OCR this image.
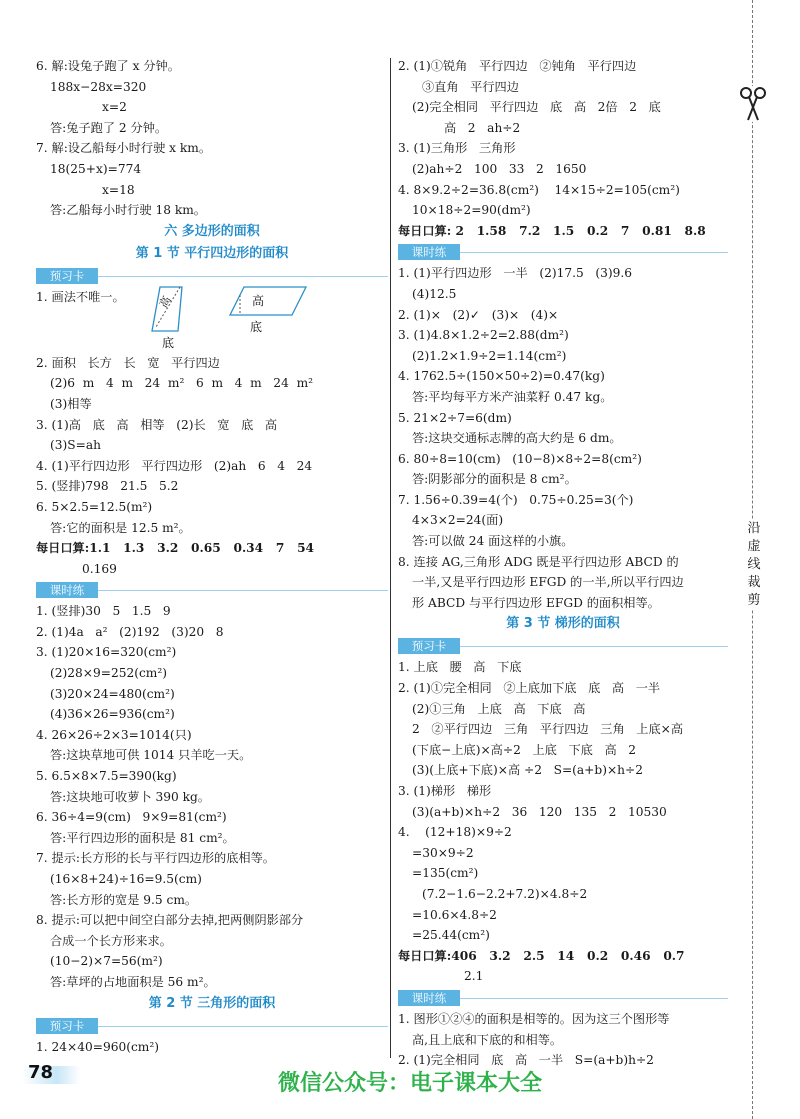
6. 解:设兔子跑了 x 分钟。
188x−28x=320
x=2
答:兔子跑了 2 分钟。
7. 解:设乙船每小时行驶 x km。
18(25+x)=774
x=18
答:乙船每小时行驶 18 km。
六 多边形的面积
第 1 节 平行四边形的面积
预习卡
1. 画法不唯一。	高
底
高
底
2. 面积   长方   长   宽   平行四边
(2)6  m   4  m   24  m²   6  m   4  m   24  m²
(3)相等
3. (1)高   底   高   相等   (2)长   宽   底   高
(3)S=ah
4. (1)平行四边形   平行四边形   (2)ah   6   4   24
5. (竖排)798   21.5   5.2
6. 5×2.5=12.5(m²)
答:它的面积是 12.5 m²。
每日口算:1.1   1.3   3.2   0.65   0.34   7   54
0.169
课时练
1. (竖排)30   5   1.5   9
2. (1)4a   a²   (2)192   (3)20   8
3. (1)20×16=320(cm²)
(2)28×9=252(cm²)
(3)20×24=480(cm²)
(4)36×26=936(cm²)
4. 26×26÷2×3=1014(只)
答:这块草地可供 1014 只羊吃一天。
5. 6.5×8×7.5=390(kg)
答:这块地可收萝卜 390 kg。
6. 36÷4=9(cm)   9×9=81(cm²)
答:平行四边形的面积是 81 cm²。
7. 提示:长方形的长与平行四边形的底相等。
(16×8+24)÷16=9.5(cm)
答:长方形的宽是 9.5 cm。
8. 提示:可以把中间空白部分去掉,把两侧阴影部分
合成一个长方形来求。
(10−2)×7=56(m²)
答:草坪的占地面积是 56 m²。
第 2 节 三角形的面积
预习卡
1. 24×40=960(cm²)
2. (1)①锐角   平行四边   ②钝角   平行四边
③直角   平行四边
(2)完全相同   平行四边   底   高   2倍   2   底
高   2   ah÷2
3. (1)三角形   三角形
(2)ah÷2   100   33   2   1650
4. 8×9.2÷2=36.8(cm²)    14×15÷2=105(cm²)
10×18÷2=90(dm²)
每日口算: 2   1.58   7.2   1.5   0.2   7   0.81   8.8
课时练
1. (1)平行四边形   一半   (2)17.5   (3)9.6
(4)12.5
2. (1)×   (2)✓   (3)×   (4)×
3. (1)4.8×1.2÷2=2.88(dm²)
(2)1.2×1.9÷2=1.14(cm²)
4. 1762.5÷(150×50÷2)=0.47(kg)
答:平均每平方米产油菜籽 0.47 kg。
5. 21×2÷7=6(dm)
答:这块交通标志牌的高大约是 6 dm。
6. 80÷8=10(cm)   (10−8)×8÷2=8(cm²)
答:阴影部分的面积是 8 cm²。
7. 1.56÷0.39=4(个)   0.75÷0.25=3(个)
4×3×2=24(面)
答:可以做 24 面这样的小旗。
8. 连接 AG,三角形 ADG 既是平行四边形 ABCD 的
一半,又是平行四边形 EFGD 的一半,所以平行四边
形 ABCD 与平行四边形 EFGD 的面积相等。
第 3 节 梯形的面积
预习卡
1. 上底   腰   高   下底
2. (1)①完全相同   ②上底加下底   底   高   一半
(2)①三角   上底   高   下底   高
2   ②平行四边   三角   平行四边   三角   上底×高
(下底−上底)×高÷2   上底   下底   高   2
(3)(上底+下底)×高 ÷2   S=(a+b)×h÷2
3. (1)梯形   梯形
(3)(a+b)×h÷2   36   120   135   2   10530
4.    (12+18)×9÷2
=30×9÷2
=135(cm²)
(7.2−1.6−2.2+7.2)×4.8÷2
=10.6×4.8÷2
=25.44(cm²)
每日口算:406   3.2   2.5   14   0.2   0.46   0.7
2.1
课时练
1. 图形①②④的面积是相等的。因为这三个图形等
高,且上底和下底的和相等。
2. (1)完全相同   底   高   一半   S=(a+b)h÷2
沿
虚
线
裁
剪
78	微信公众号：电子课本大全
